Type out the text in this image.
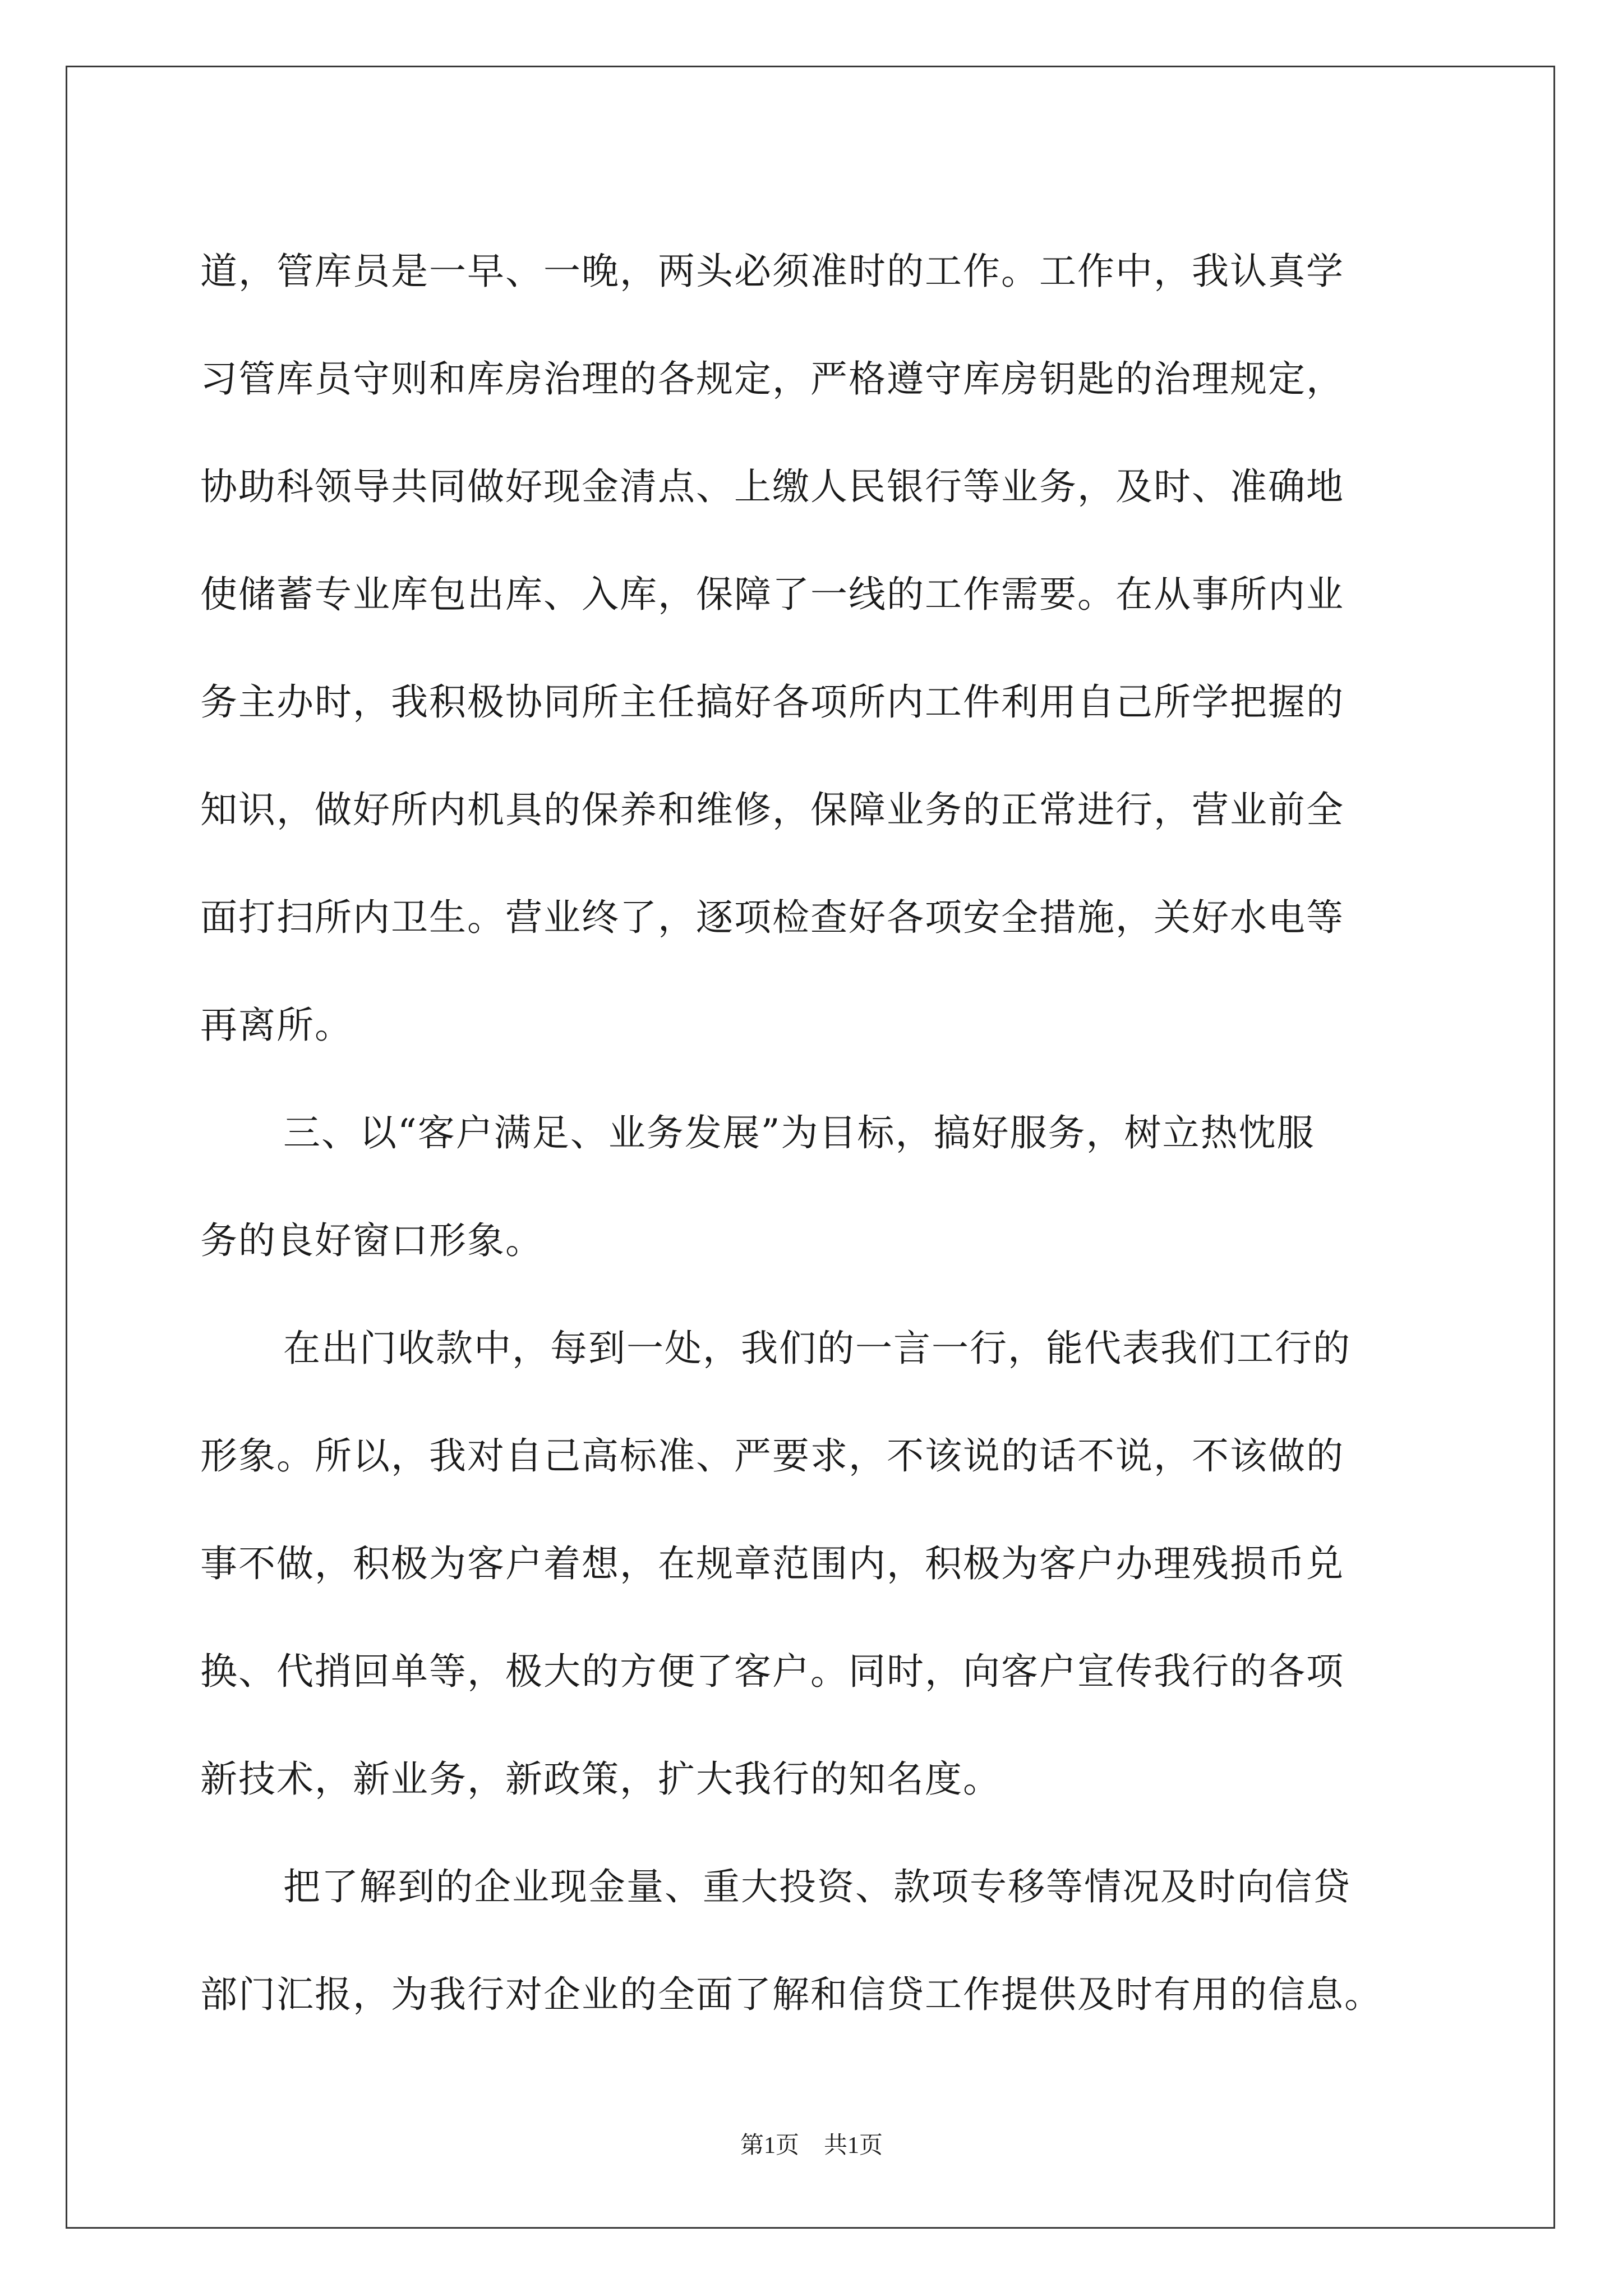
道，管库员是一早、一晚，两头必须准时的工作。工作中，我认真学
习管库员守则和库房治理的各规定，严格遵守库房钥匙的治理规定，
协助科领导共同做好现金清点、上缴人民银行等业务，及时、准确地
使储蓄专业库包出库、入库，保障了一线的工作需要。在从事所内业
务主办时，我积极协同所主任搞好各项所内工件利用自己所学把握的
知识，做好所内机具的保养和维修，保障业务的正常进行，营业前全
面打扫所内卫生。营业终了，逐项检查好各项安全措施，关好水电等
再离所。
三、以“客户满足、业务发展”为目标，搞好服务，树立热忱服
务的良好窗口形象。
在出门收款中，每到一处，我们的一言一行，能代表我们工行的
形象。所以，我对自己高标准、严要求，不该说的话不说，不该做的
事不做，积极为客户着想，在规章范围内，积极为客户办理残损币兑
换、代捎回单等，极大的方便了客户。同时，向客户宣传我行的各项
新技术，新业务，新政策，扩大我行的知名度。
把了解到的企业现金量、重大投资、款项专移等情况及时向信贷
部门汇报，为我行对企业的全面了解和信贷工作提供及时有用的信息。
第1页 共1页
